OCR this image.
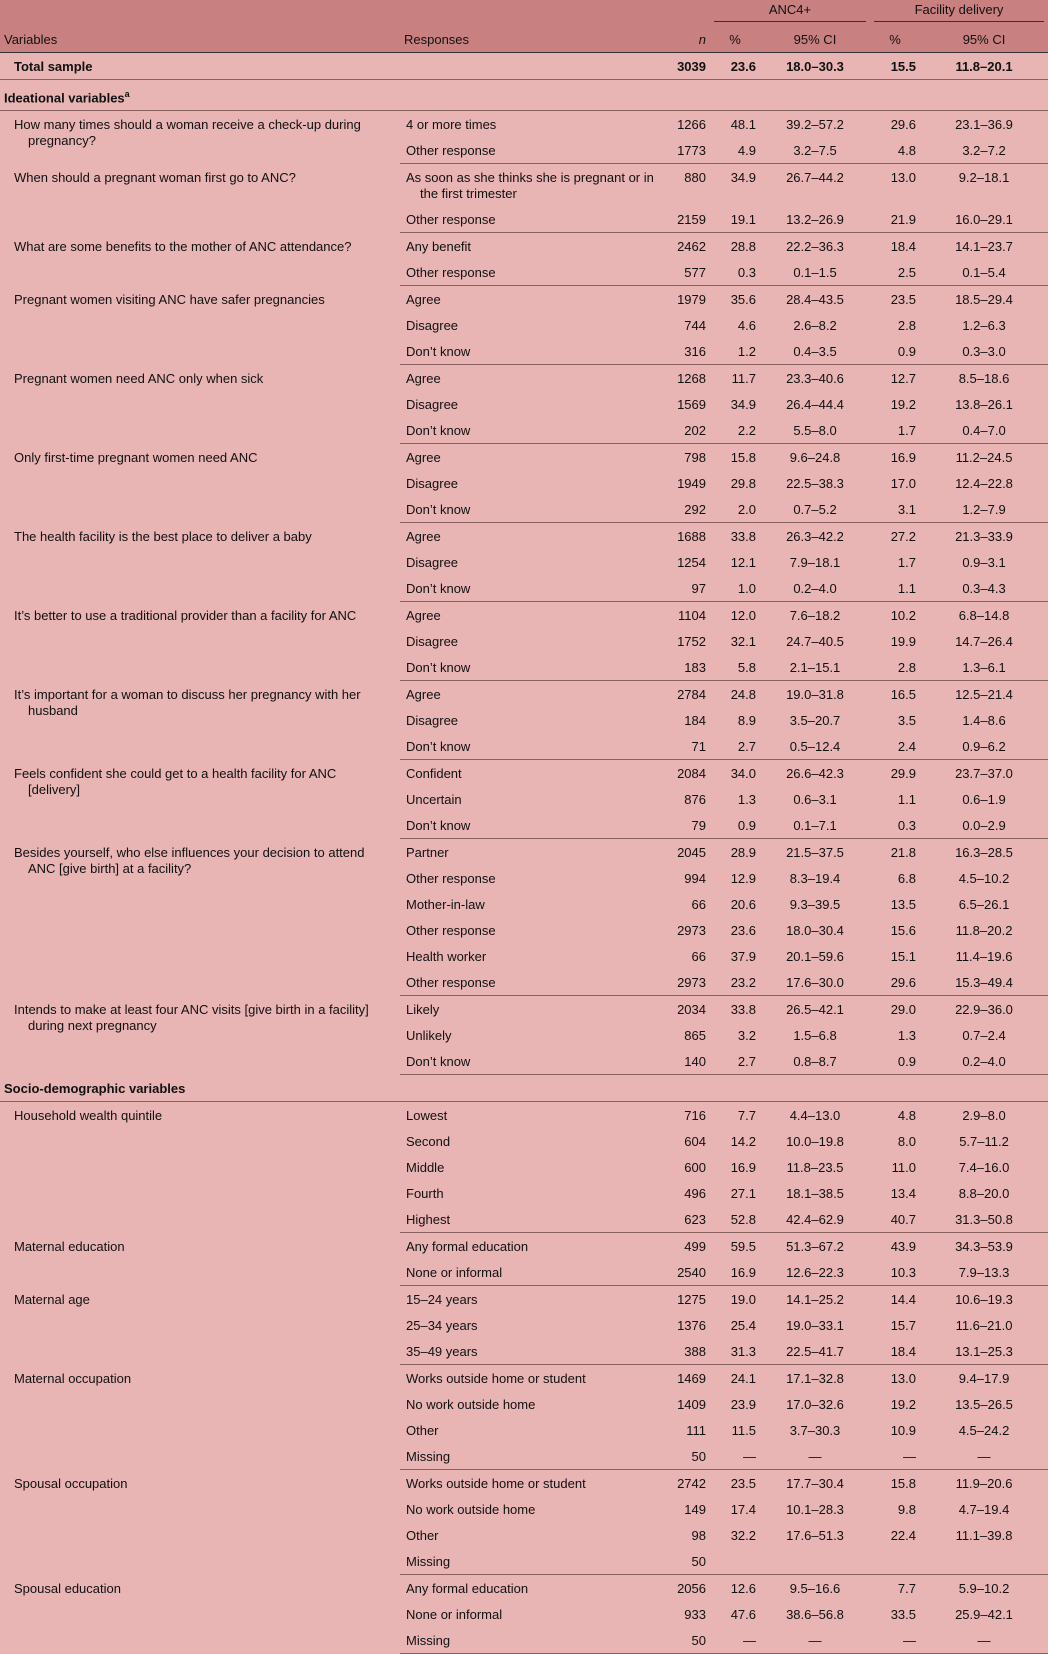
			ANC4+		Facility delivery	

Variables	Responses	n	%	95% CI	%	95% CI
Total sample		3039	23.6	18.0–30.3	15.5	11.8–20.1
Ideational variables$^a$
How many times should a woman receive a check-up during pregnancy?	4 or more times	1266	48.1	39.2–57.2	29.6	23.1–36.9
	Other response	1773	4.9	3.2–7.5	4.8	3.2–7.2
When should a pregnant woman first go to ANC?	As soon as she thinks she is pregnant or in the first trimester	880	34.9	26.7–44.2	13.0	9.2–18.1
	Other response	2159	19.1	13.2–26.9	21.9	16.0–29.1
What are some benefits to the mother of ANC attendance?	Any benefit	2462	28.8	22.2–36.3	18.4	14.1–23.7
	Other response	577	0.3	0.1–1.5	2.5	0.1–5.4
Pregnant women visiting ANC have safer pregnancies	Agree	1979	35.6	28.4–43.5	23.5	18.5–29.4
	Disagree	744	4.6	2.6–8.2	2.8	1.2–6.3
	Don’t know	316	1.2	0.4–3.5	0.9	0.3–3.0
Pregnant women need ANC only when sick	Agree	1268	11.7	23.3–40.6	12.7	8.5–18.6
	Disagree	1569	34.9	26.4–44.4	19.2	13.8–26.1
	Don’t know	202	2.2	5.5–8.0	1.7	0.4–7.0
Only first-time pregnant women need ANC	Agree	798	15.8	9.6–24.8	16.9	11.2–24.5
	Disagree	1949	29.8	22.5–38.3	17.0	12.4–22.8
	Don’t know	292	2.0	0.7–5.2	3.1	1.2–7.9
The health facility is the best place to deliver a baby	Agree	1688	33.8	26.3–42.2	27.2	21.3–33.9
	Disagree	1254	12.1	7.9–18.1	1.7	0.9–3.1
	Don’t know	97	1.0	0.2–4.0	1.1	0.3–4.3
It’s better to use a traditional provider than a facility for ANC	Agree	1104	12.0	7.6–18.2	10.2	6.8–14.8
	Disagree	1752	32.1	24.7–40.5	19.9	14.7–26.4
	Don’t know	183	5.8	2.1–15.1	2.8	1.3–6.1
It’s important for a woman to discuss her pregnancy with her husband	Agree	2784	24.8	19.0–31.8	16.5	12.5–21.4
	Disagree	184	8.9	3.5–20.7	3.5	1.4–8.6
	Don’t know	71	2.7	0.5–12.4	2.4	0.9–6.2
Feels confident she could get to a health facility for ANC [delivery]	Confident	2084	34.0	26.6–42.3	29.9	23.7–37.0
	Uncertain	876	1.3	0.6–3.1	1.1	0.6–1.9
	Don’t know	79	0.9	0.1–7.1	0.3	0.0–2.9
Besides yourself, who else influences your decision to attend ANC [give birth] at a facility?	Partner	2045	28.9	21.5–37.5	21.8	16.3–28.5
	Other response	994	12.9	8.3–19.4	6.8	4.5–10.2
	Mother-in-law	66	20.6	9.3–39.5	13.5	6.5–26.1
	Other response	2973	23.6	18.0–30.4	15.6	11.8–20.2
	Health worker	66	37.9	20.1–59.6	15.1	11.4–19.6
	Other response	2973	23.2	17.6–30.0	29.6	15.3–49.4
Intends to make at least four ANC visits [give birth in a facility] during next pregnancy	Likely	2034	33.8	26.5–42.1	29.0	22.9–36.0
	Unlikely	865	3.2	1.5–6.8	1.3	0.7–2.4
	Don’t know	140	2.7	0.8–8.7	0.9	0.2–4.0
Socio-demographic variables						
Household wealth quintile	Lowest	716	7.7	4.4–13.0	4.8	2.9–8.0
	Second	604	14.2	10.0–19.8	8.0	5.7–11.2
	Middle	600	16.9	11.8–23.5	11.0	7.4–16.0
	Fourth	496	27.1	18.1–38.5	13.4	8.8–20.0
	Highest	623	52.8	42.4–62.9	40.7	31.3–50.8
Maternal education	Any formal education	499	59.5	51.3–67.2	43.9	34.3–53.9
	None or informal	2540	16.9	12.6–22.3	10.3	7.9–13.3
Maternal age	15–24 years	1275	19.0	14.1–25.2	14.4	10.6–19.3
	25–34 years	1376	25.4	19.0–33.1	15.7	11.6–21.0
	35–49 years	388	31.3	22.5–41.7	18.4	13.1–25.3
Maternal occupation	Works outside home or student	1469	24.1	17.1–32.8	13.0	9.4–17.9
	No work outside home	1409	23.9	17.0–32.6	19.2	13.5–26.5
	Other	111	11.5	3.7–30.3	10.9	4.5–24.2
	Missing	50	—	—	—	—
Spousal occupation	Works outside home or student	2742	23.5	17.7–30.4	15.8	11.9–20.6
	No work outside home	149	17.4	10.1–28.3	9.8	4.7–19.4
	Other	98	32.2	17.6–51.3	22.4	11.1–39.8
	Missing	50				
Spousal education	Any formal education	2056	12.6	9.5–16.6	7.7	5.9–10.2
	None or informal	933	47.6	38.6–56.8	33.5	25.9–42.1
	Missing	50	—	—	—	—
